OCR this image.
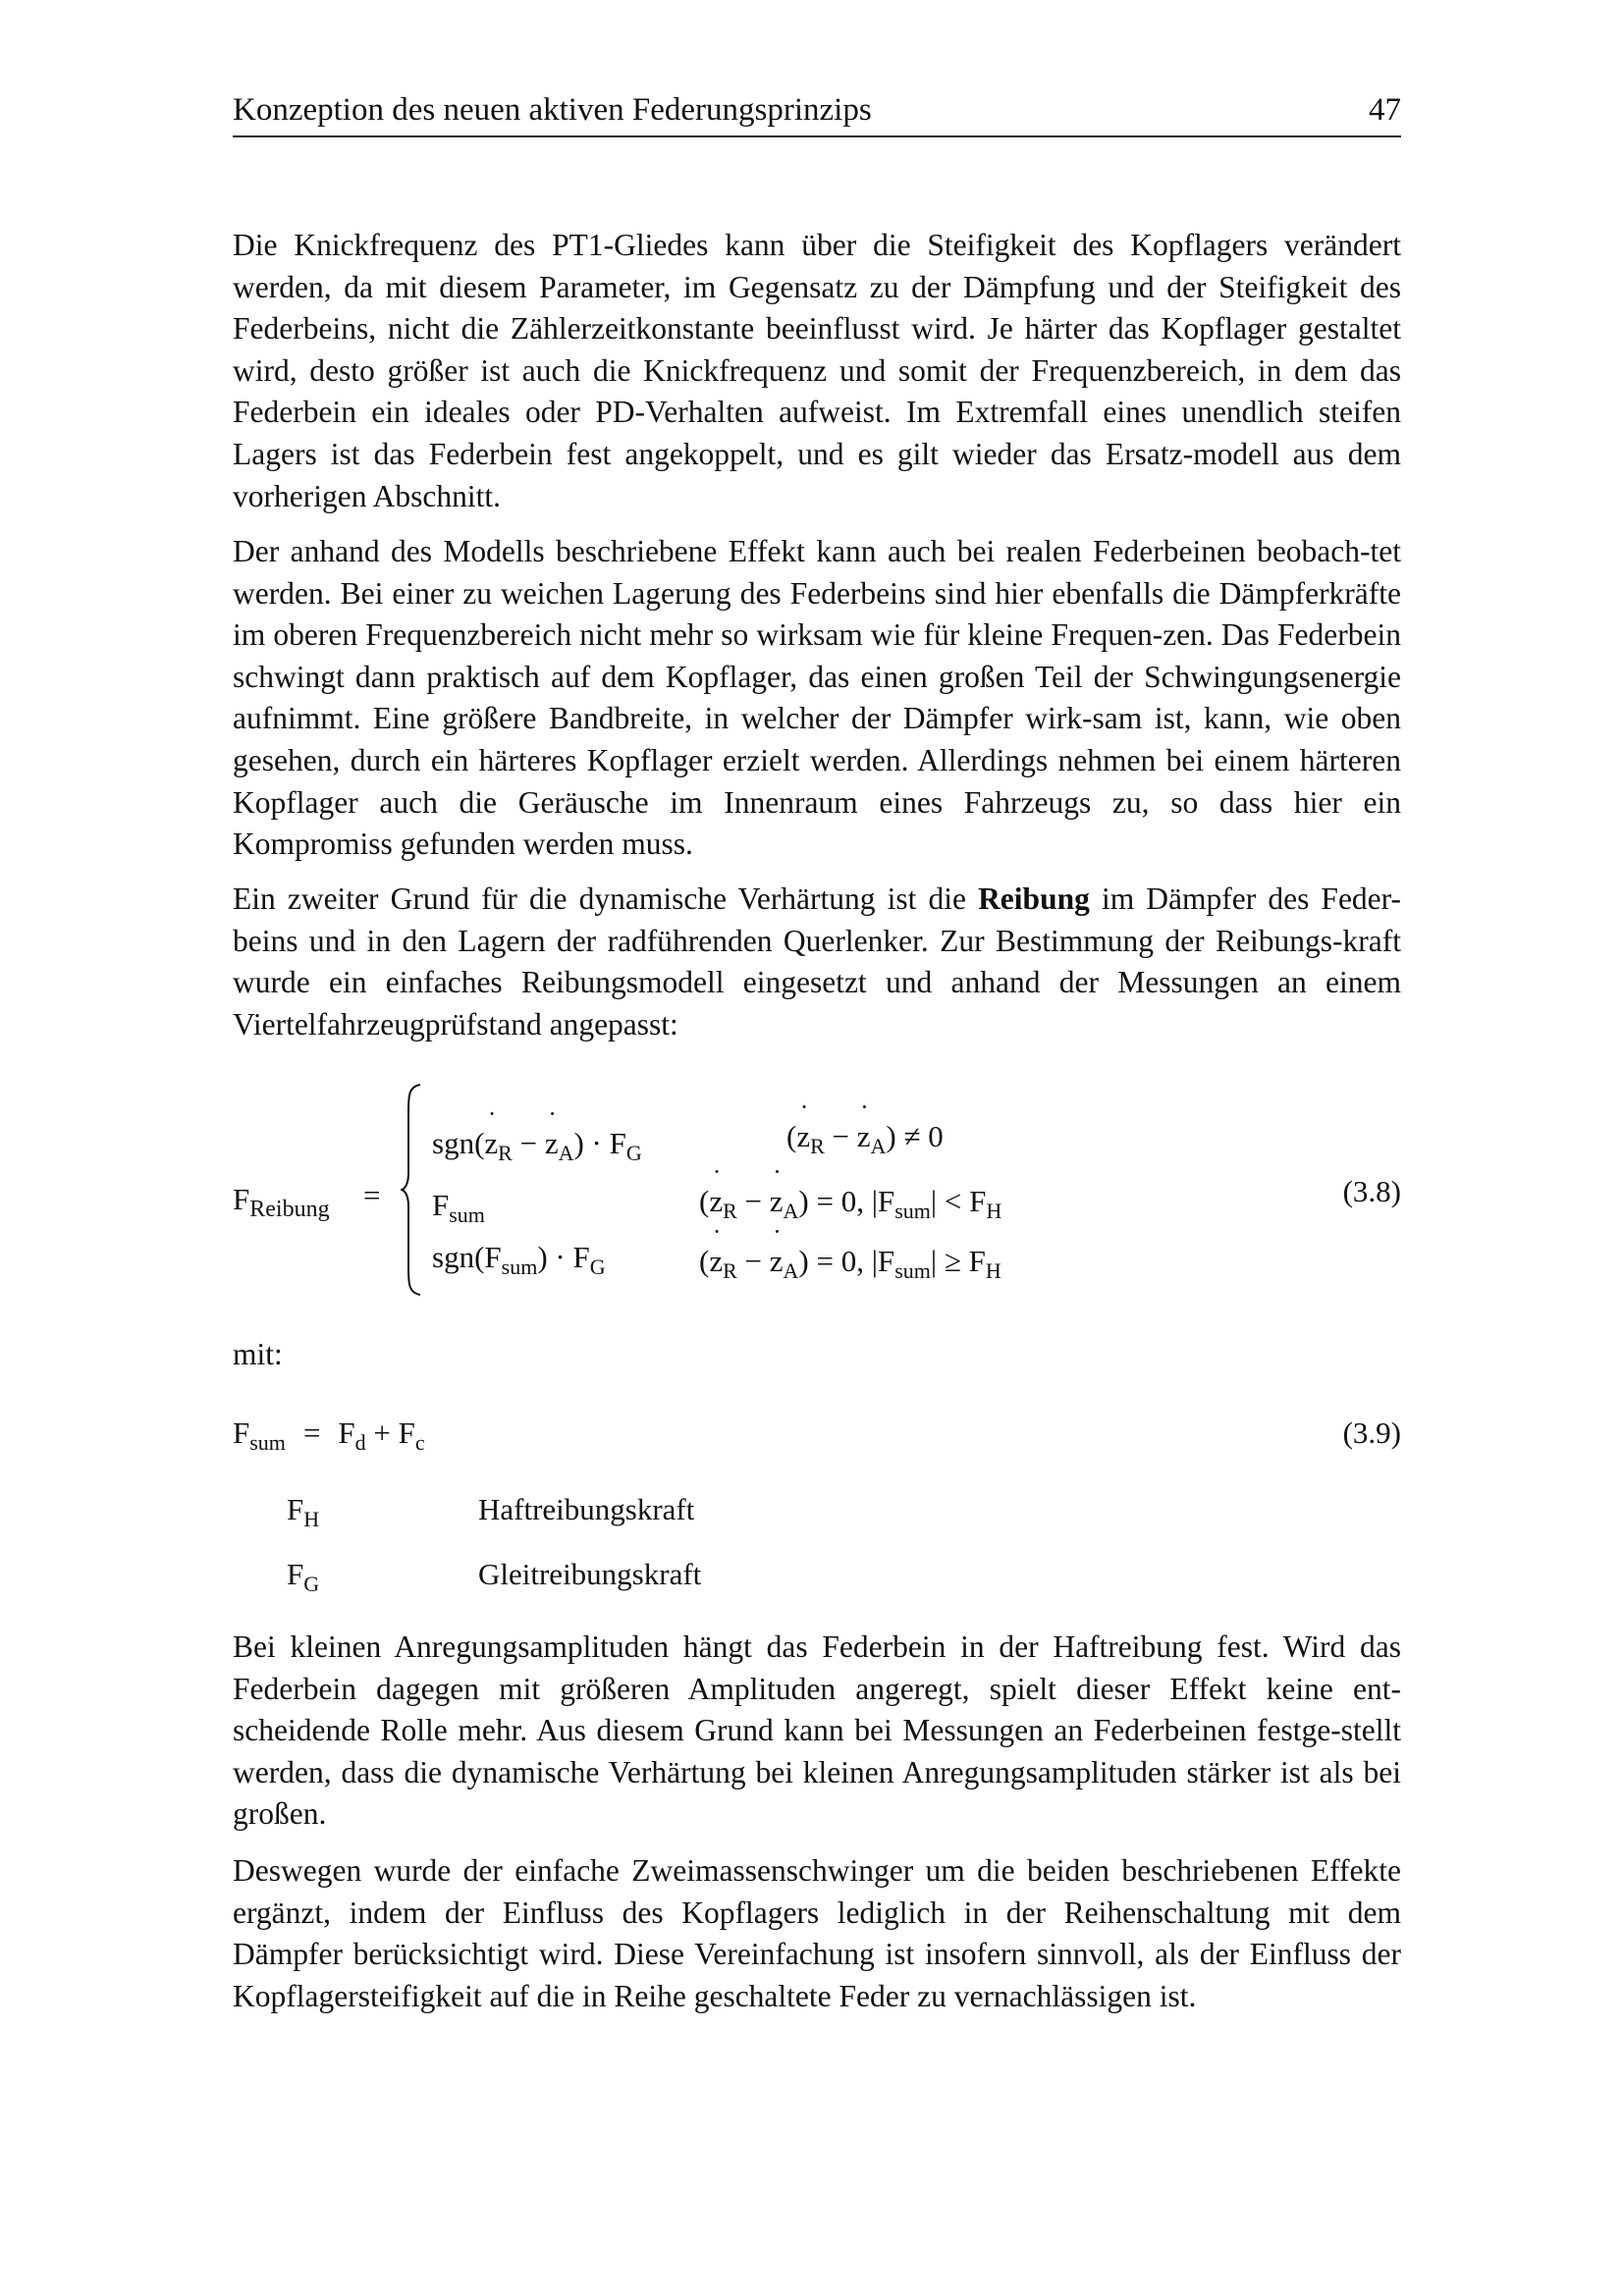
Konzeption des neuen aktiven Federungsprinzips	47

Die Knickfrequenz des PT1-Gliedes kann über die Steifigkeit des Kopflagers verändert werden, da mit diesem Parameter, im Gegensatz zu der Dämpfung und der Steifigkeit des Federbeins, nicht die Zählerzeitkonstante beeinflusst wird. Je härter das Kopflager gestaltet wird, desto größer ist auch die Knickfrequenz und somit der Frequenzbereich, in dem das Federbein ein ideales oder PD-Verhalten aufweist. Im Extremfall eines unendlich steifen Lagers ist das Federbein fest angekoppelt, und es gilt wieder das Ersatz-modell aus dem vorherigen Abschnitt.

Der anhand des Modells beschriebene Effekt kann auch bei realen Federbeinen beobach-tet werden. Bei einer zu weichen Lagerung des Federbeins sind hier ebenfalls die Dämpferkräfte im oberen Frequenzbereich nicht mehr so wirksam wie für kleine Frequen-zen. Das Federbein schwingt dann praktisch auf dem Kopflager, das einen großen Teil der Schwingungsenergie aufnimmt. Eine größere Bandbreite, in welcher der Dämpfer wirk-sam ist, kann, wie oben gesehen, durch ein härteres Kopflager erzielt werden. Allerdings nehmen bei einem härteren Kopflager auch die Geräusche im Innenraum eines Fahrzeugs zu, so dass hier ein Kompromiss gefunden werden muss.

Ein zweiter Grund für die dynamische Verhärtung ist die Reibung im Dämpfer des Feder-beins und in den Lagern der radführenden Querlenker. Zur Bestimmung der Reibungs-kraft wurde ein einfaches Reibungsmodell eingesetzt und anhand der Messungen an einem Viertelfahrzeugprüfstand angepasst:

$F_{Reibung}$ =
sgn(˙ $z_R$ − ˙ $z_A) \cdot F_G$	(˙ $z_R$ − ˙ $z_A) \ne 0$
$F_{sum}$	(˙ $z_R$ − ˙ $z_A) = 0$, $|F_{sum}| < F_H$
$sgn(F_{sum}) \cdot F_G$	(˙ $z_R$ − ˙ $z_A) = 0$, $|F_{sum}| \ge F_H$
(3.8)
mit:
$F_{sum} = F_d + F_c$	(3.9)
$F_H$	Haftreibungskraft
$F_G$	Gleitreibungskraft

Bei kleinen Anregungsamplituden hängt das Federbein in der Haftreibung fest. Wird das Federbein dagegen mit größeren Amplituden angeregt, spielt dieser Effekt keine ent-scheidende Rolle mehr. Aus diesem Grund kann bei Messungen an Federbeinen festge-stellt werden, dass die dynamische Verhärtung bei kleinen Anregungsamplituden stärker ist als bei großen.

Deswegen wurde der einfache Zweimassenschwinger um die beiden beschriebenen Effekte ergänzt, indem der Einfluss des Kopflagers lediglich in der Reihenschaltung mit dem Dämpfer berücksichtigt wird. Diese Vereinfachung ist insofern sinnvoll, als der Einfluss der Kopflagersteifigkeit auf die in Reihe geschaltete Feder zu vernachlässigen ist.
